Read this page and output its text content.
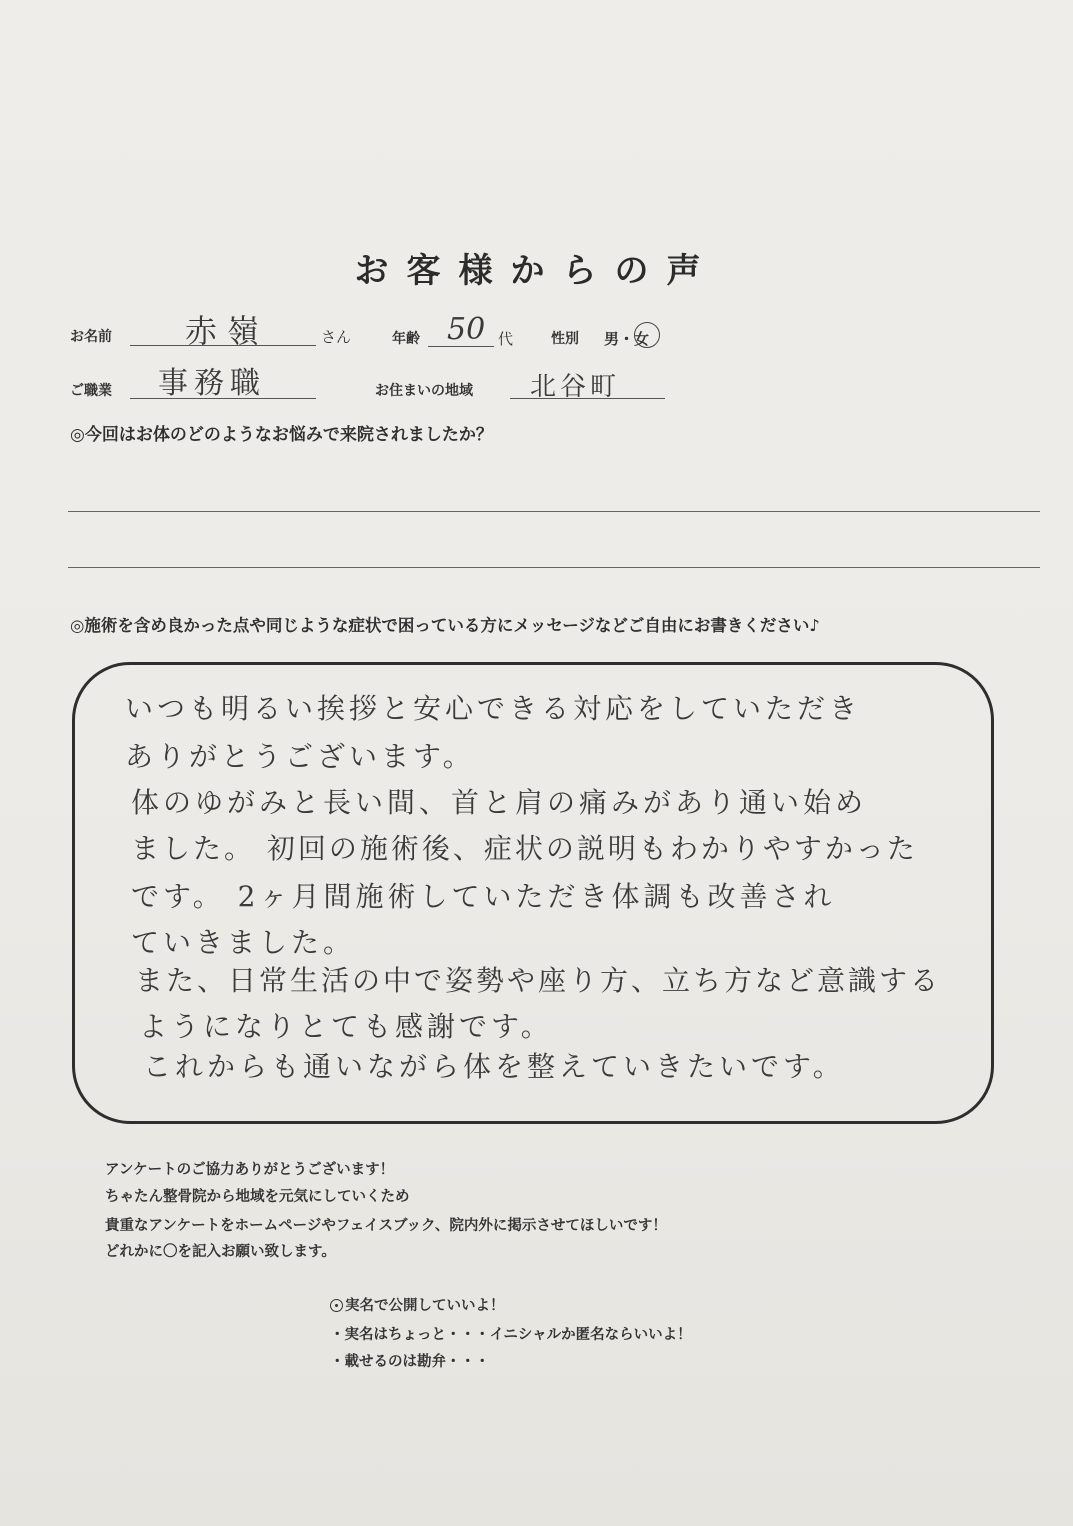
お客様からの声
お名前 赤嶺	さん	年齢 50 代	性別 男・女
ご職業 事務職	お住まいの地域 北谷町
◎今回はお体のどのようなお悩みで来院されましたか？
◎施術を含め良かった点や同じような症状で困っている方にメッセージなどご自由にお書きください♪
いつも明るい挨拶と安心できる対応をしていただき
ありがとうございます。
体のゆがみと長い間、首と肩の痛みがあり通い始め
ました。 初回の施術後、症状の説明もわかりやすかった
です。 2ヶ月間施術していただき体調も改善され
ていきました。
また、日常生活の中で姿勢や座り方、立ち方など意識する
ようになりとても感謝です。
これからも通いながら体を整えていきたいです。
アンケートのご協力ありがとうございます！
ちゃたん整骨院から地域を元気にしていくため
貴重なアンケートをホームページやフェイスブック、院内外に掲示させてほしいです！
どれかに〇を記入お願い致します。
実名で公開していいよ！
・実名はちょっと・・・イニシャルか匿名ならいいよ！
・載せるのは勘弁・・・
